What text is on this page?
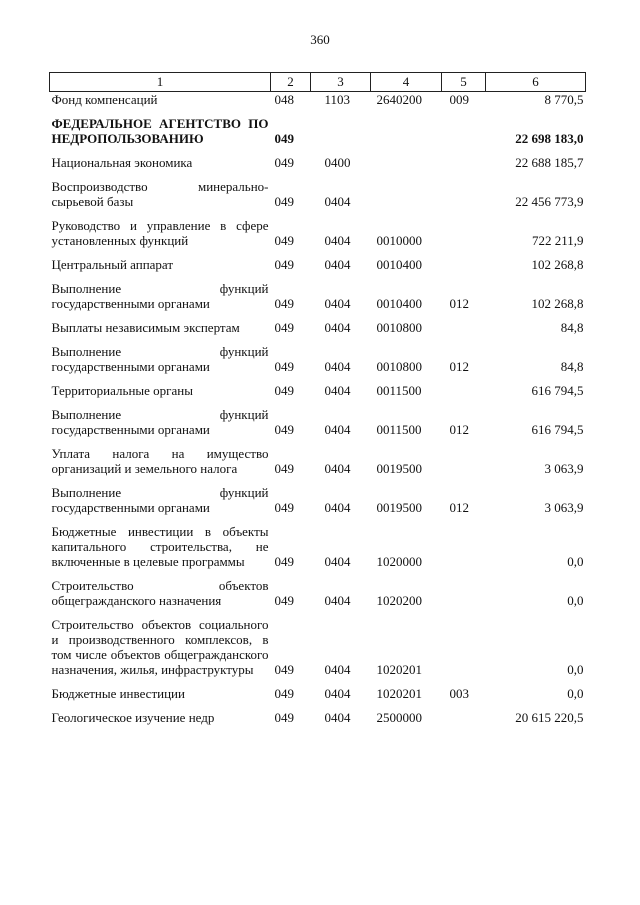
360
1	2	3	4	5	6
Фонд компенсаций	048	1103	2640200	009	8 770,5
ФЕДЕРАЛЬНОЕ АГЕНТСТВО ПО НЕДРОПОЛЬЗОВАНИЮ	049				22 698 183,0
Национальная экономика	049	0400			22 688 185,7
Воспроизводство минерально-сырьевой базы	049	0404			22 456 773,9
Руководство и управление в сфере установленных функций	049	0404	0010000		722 211,9
Центральный аппарат	049	0404	0010400		102 268,8
Выполнение функций государственными органами	049	0404	0010400	012	102 268,8
Выплаты независимым экспертам	049	0404	0010800		84,8
Выполнение функций государственными органами	049	0404	0010800	012	84,8
Территориальные органы	049	0404	0011500		616 794,5
Выполнение функций государственными органами	049	0404	0011500	012	616 794,5
Уплата налога на имущество организаций и земельного налога	049	0404	0019500		3 063,9
Выполнение функций государственными органами	049	0404	0019500	012	3 063,9
Бюджетные инвестиции в объекты капитального строительства, не включенные в целевые программы	049	0404	1020000		0,0
Строительство объектов общегражданского назначения	049	0404	1020200		0,0
Строительство объектов социального и производственного комплексов, в том числе объектов общегражданского назначения, жилья, инфраструктуры	049	0404	1020201		0,0
Бюджетные инвестиции	049	0404	1020201	003	0,0
Геологическое изучение недр	049	0404	2500000		20 615 220,5
